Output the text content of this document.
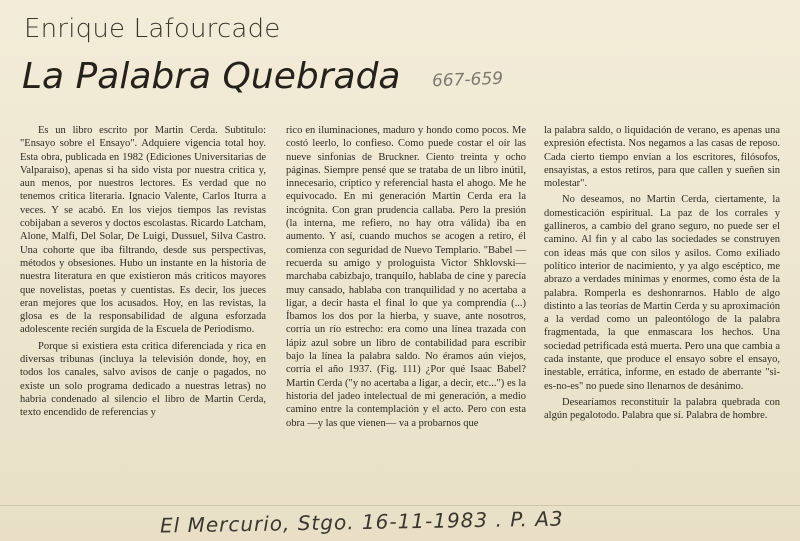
Enrique Lafourcade
La Palabra Quebrada 667-659

Es un libro escrito por Martin Cerda. Subtitulo: "Ensayo sobre el Ensayo". Adquiere vigencia total hoy. Esta obra, publicada en 1982 (Ediciones Universitarias de Valparaiso), apenas si ha sido vista por nuestra critica y, aun menos, por nuestros lectores. Es verdad que no tenemos critica literaria. Ignacio Valente, Carlos Iturra a veces. Y se acabó. En los viejos tiempos las revistas cobijaban a severos y doctos escolastas. Ricardo Latcham, Alone, Malfi, Del Solar, De Luigi, Dussuel, Silva Castro. Una cohorte que iba filtrando, desde sus perspectivas, métodos y obsesiones. Hubo un instante en la historia de nuestra literatura en que existieron más criticos mayores que novelistas, poetas y cuentistas. Es decir, los jueces eran mejores que los acusados. Hoy, en las revistas, la glosa es de la responsabilidad de alguna esforzada adolescente recién surgida de la Escuela de Periodismo.

Porque si existiera esta critica diferenciada y rica en diversas tribunas (incluya la televisión donde, hoy, en todos los canales, salvo avisos de canje o pagados, no existe un solo programa dedicado a nuestras letras) no habria condenado al silencio el libro de Martin Cerda, texto encendido de referencias y

rico en iluminaciones, maduro y hondo como pocos. Me costó leerlo, lo confieso. Como puede costar el oír las nueve sinfonias de Bruckner. Ciento treinta y ocho páginas. Siempre pensé que se trataba de un libro inútil, innecesario, críptico y referencial hasta el ahogo. Me he equivocado. En mi generación Martin Cerda era la incógnita. Con gran prudencia callaba. Pero la presión (la interna, me refiero, no hay otra válida) iba en aumento. Y así, cuando muchos se acogen a retiro, él comienza con seguridad de Nuevo Templario. "Babel —recuerda su amigo y prologuista Victor Shklovski— marchaba cabizbajo, tranquilo, hablaba de cine y parecía muy cansado, hablaba con tranquilidad y no acertaba a ligar, a decir hasta el final lo que ya comprendía (...) Íbamos los dos por la hierba, y suave, ante nosotros, corría un río estrecho: era como una línea trazada con lápiz azul sobre un libro de contabilidad para escribir bajo la línea la palabra saldo. No éramos aún viejos, corría el año 1937. (Fig. 111) ¿Por qué Isaac Babel? Martin Cerda ("y no acertaba a ligar, a decir, etc...") es la historia del jadeo intelectual de mi generación, a medio camino entre la contemplación y el acto. Pero con esta obra —y las que vienen— va a probarnos que

la palabra saldo, o liquidación de verano, es apenas una expresión efectista. Nos negamos a las casas de reposo. Cada cierto tiempo envían a los escritores, filósofos, ensayistas, a estos retiros, para que callen y sueñen sin molestar".

No deseamos, no Martin Cerda, ciertamente, la domesticación espiritual. La paz de los corrales y gallineros, a cambio del grano seguro, no puede ser el camino. Al fin y al cabo las sociedades se construyen con ideas más que con silos y asilos. Como exiliado político interior de nacimiento, y ya algo escéptico, me abrazo a verdades mínimas y enormes, como ésta de la palabra. Romperla es deshonrarnos. Hablo de algo distinto a las teorías de Martin Cerda y su aproximación a la verdad como un paleontólogo de la palabra fragmentada, la que enmascara los hechos. Una sociedad petrificada está muerta. Pero una que cambia a cada instante, que produce el ensayo sobre el ensayo, inestable, errática, informe, en estado de aberrante "si-es-no-es" no puede sino llenarnos de desánimo.

Desearíamos reconstituir la palabra quebrada con algún pegalotodo. Palabra que sí. Palabra de hombre.

El Mercurio, Stgo. 16-11-1983 . P. A3
